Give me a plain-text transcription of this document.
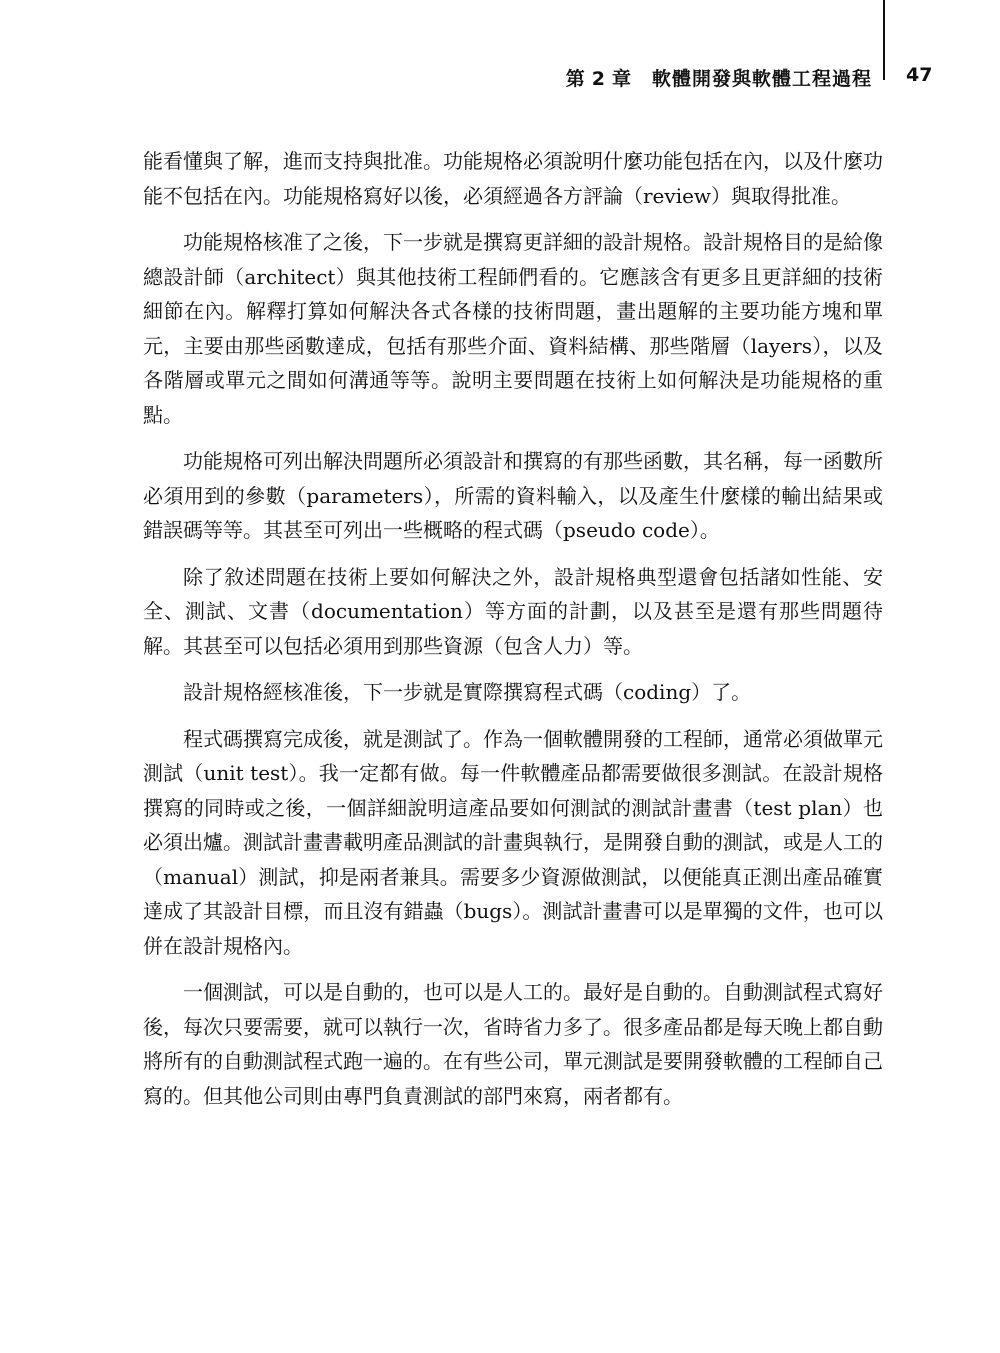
第 2 章 軟體開發與軟體工程過程 47

能看懂與了解，進而支持與批准。功能規格必須說明什麼功能包括在內，以及什麼功能不包括在內。功能規格寫好以後，必須經過各方評論（review）與取得批准。

功能規格核准了之後，下一步就是撰寫更詳細的設計規格。設計規格目的是給像總設計師（architect）與其他技術工程師們看的。它應該含有更多且更詳細的技術細節在內。解釋打算如何解決各式各樣的技術問題，畫出題解的主要功能方塊和單元，主要由那些函數達成，包括有那些介面、資料結構、那些階層（layers），以及各階層或單元之間如何溝通等等。說明主要問題在技術上如何解決是功能規格的重點。

功能規格可列出解決問題所必須設計和撰寫的有那些函數，其名稱，每一函數所必須用到的參數（parameters），所需的資料輸入，以及產生什麼樣的輸出結果或錯誤碼等等。其甚至可列出一些概略的程式碼（pseudo code）。

除了敘述問題在技術上要如何解決之外，設計規格典型還會包括諸如性能、安全、測試、文書（documentation）等方面的計劃，以及甚至是還有那些問題待解。其甚至可以包括必須用到那些資源（包含人力）等。

設計規格經核准後，下一步就是實際撰寫程式碼（coding）了。

程式碼撰寫完成後，就是測試了。作為一個軟體開發的工程師，通常必須做單元測試（unit test）。我一定都有做。每一件軟體產品都需要做很多測試。在設計規格撰寫的同時或之後，一個詳細說明這產品要如何測試的測試計畫書（test plan）也必須出爐。測試計畫書載明產品測試的計畫與執行，是開發自動的測試，或是人工的（manual）測試，抑是兩者兼具。需要多少資源做測試，以便能真正測出產品確實達成了其設計目標，而且沒有錯蟲（bugs）。測試計畫書可以是單獨的文件，也可以併在設計規格內。

一個測試，可以是自動的，也可以是人工的。最好是自動的。自動測試程式寫好後，每次只要需要，就可以執行一次，省時省力多了。很多產品都是每天晚上都自動將所有的自動測試程式跑一遍的。在有些公司，單元測試是要開發軟體的工程師自己寫的。但其他公司則由專門負責測試的部門來寫，兩者都有。
